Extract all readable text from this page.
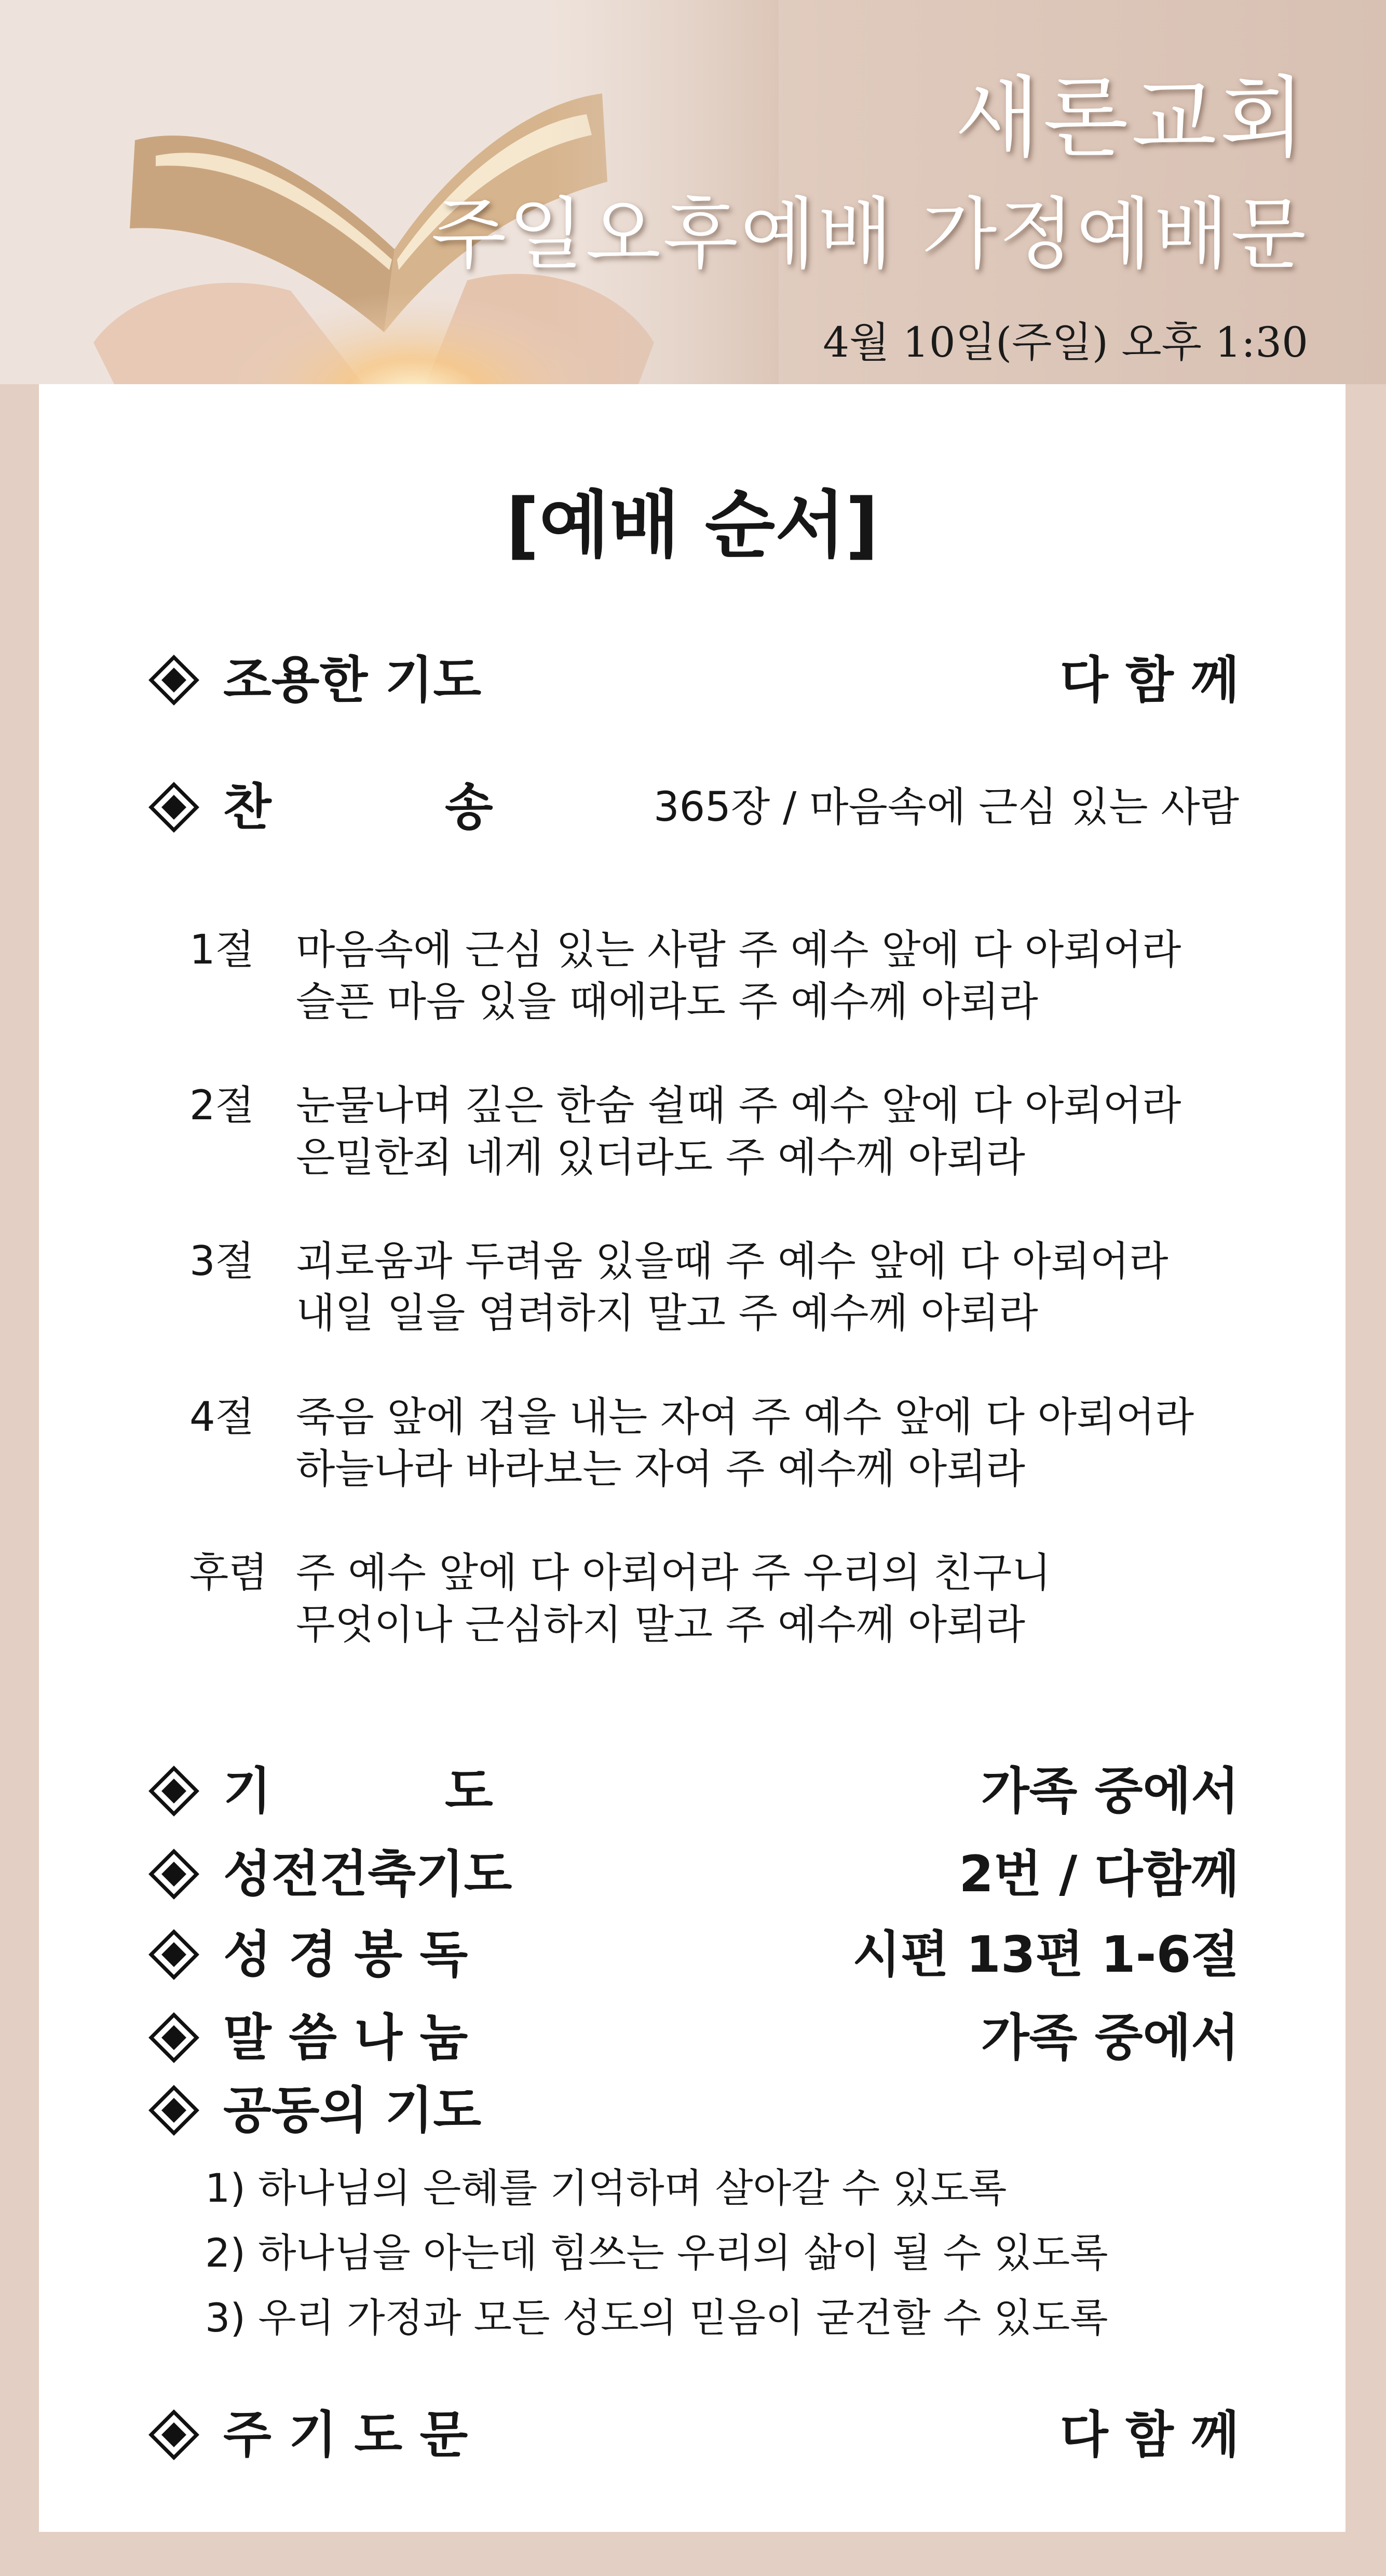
새론교회
주일오후예배 가정예배문
4월 10일(주일) 오후 1:30
[예배 순서]
조용한 기도	다 함 께
찬          송	365장 / 마음속에 근심 있는 사람
1절 마음속에 근심 있는 사람 주 예수 앞에 다 아뢰어라
슬픈 마음 있을 때에라도 주 예수께 아뢰라
2절 눈물나며 깊은 한숨 쉴때 주 예수 앞에 다 아뢰어라
은밀한죄 네게 있더라도 주 예수께 아뢰라
3절 괴로움과 두려움 있을때 주 예수 앞에 다 아뢰어라
내일 일을 염려하지 말고 주 예수께 아뢰라
4절 죽음 앞에 겁을 내는 자여 주 예수 앞에 다 아뢰어라
하늘나라 바라보는 자여 주 예수께 아뢰라
후렴 주 예수 앞에 다 아뢰어라 주 우리의 친구니
무엇이나 근심하지 말고 주 예수께 아뢰라
기          도	가족 중에서
성전건축기도	2번 / 다함께
성 경 봉 독	시편 13편 1-6절
말 씀 나 눔	가족 중에서
공동의 기도
1) 하나님의 은혜를 기억하며 살아갈 수 있도록
2) 하나님을 아는데 힘쓰는 우리의 삶이 될 수 있도록
3) 우리 가정과 모든 성도의 믿음이 굳건할 수 있도록
주 기 도 문	다 함 께
